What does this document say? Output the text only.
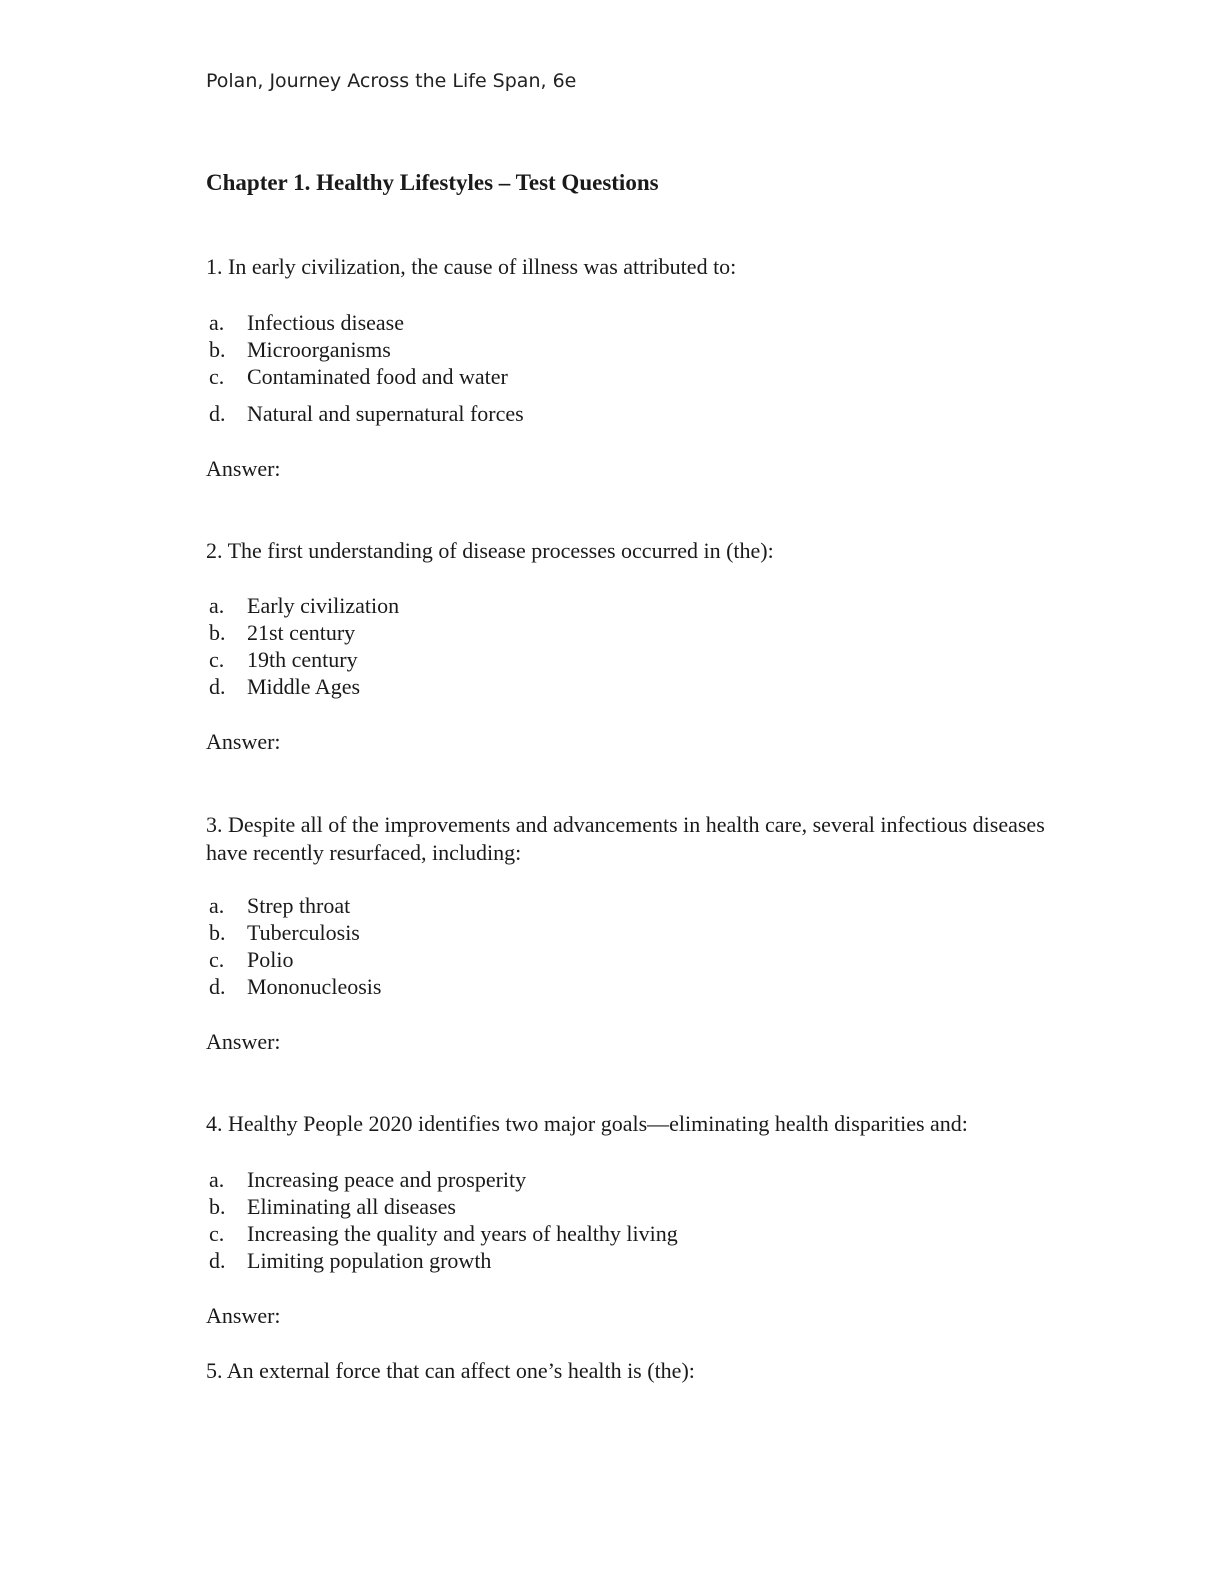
Polan, Journey Across the Life Span, 6e
Chapter 1. Healthy Lifestyles – Test Questions
1. In early civilization, the cause of illness was attributed to:
a. Infectious disease
b. Microorganisms
c. Contaminated food and water
d. Natural and supernatural forces
Answer:
2. The first understanding of disease processes occurred in (the):
a. Early civilization
b. 21st century
c. 19th century
d. Middle Ages
Answer:
3. Despite all of the improvements and advancements in health care, several infectious diseases have recently resurfaced, including:
a. Strep throat
b. Tuberculosis
c. Polio
d. Mononucleosis
Answer:
4. Healthy People 2020 identifies two major goals—eliminating health disparities and:
a. Increasing peace and prosperity
b. Eliminating all diseases
c. Increasing the quality and years of healthy living
d. Limiting population growth
Answer:
5. An external force that can affect one’s health is (the):
